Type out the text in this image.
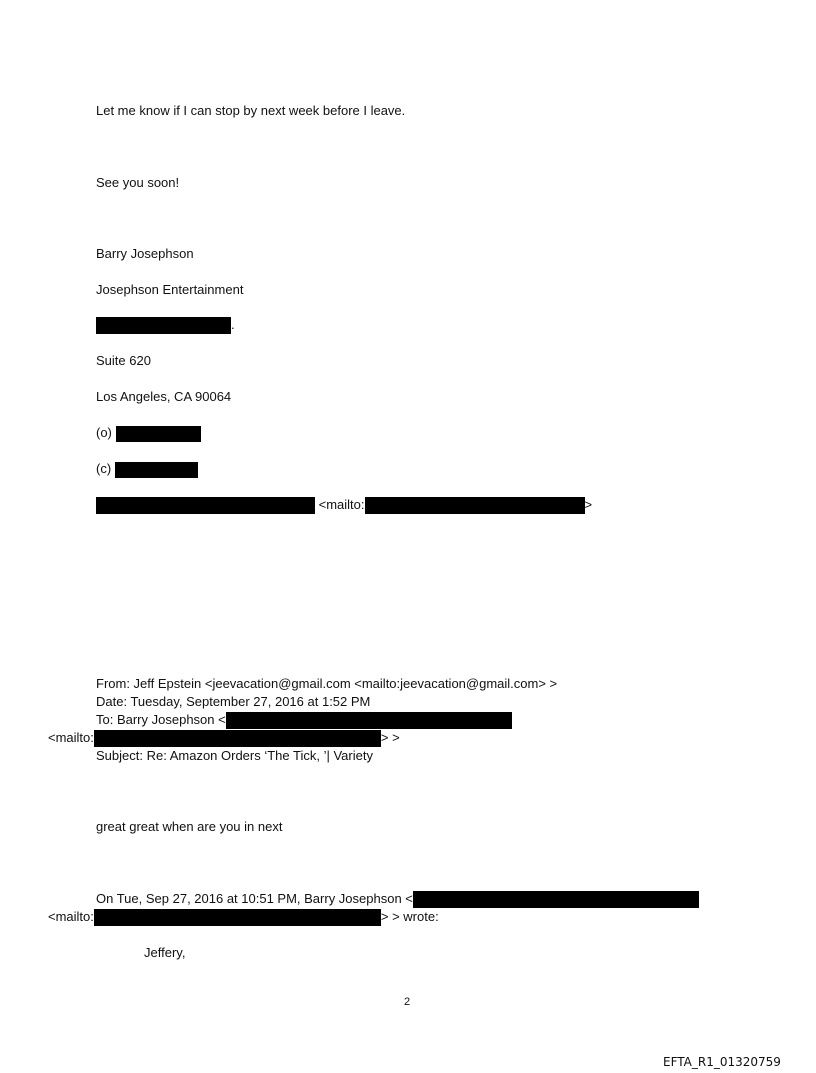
Let me know if I can stop by next week before I leave.
See you soon!
Barry Josephson
Josephson Entertainment
.
Suite 620
Los Angeles, CA 90064
(o)
(c)
<mailto:	>
From: Jeff Epstein <jeevacation@gmail.com <mailto:jeevacation@gmail.com> >
Date: Tuesday, September 27, 2016 at 1:52 PM
To: Barry Josephson <
<mailto:	> >
Subject: Re: Amazon Orders ‘The Tick, ’| Variety
great great when are you in next
On Tue, Sep 27, 2016 at 10:51 PM, Barry Josephson <
<mailto:	> > wrote:
Jeffery,
2
EFTA_R1_01320759
